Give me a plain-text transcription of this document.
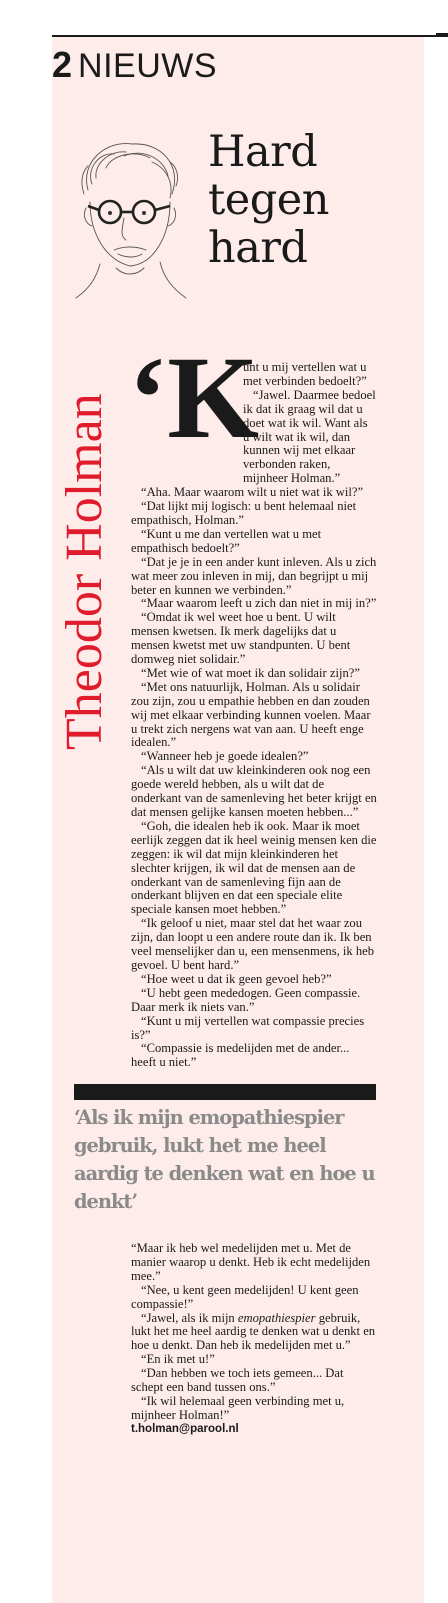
2 NIEUWS
Hard
tegen
hard
Theodor Holman ‘K

unt u mij vertellen wat u met verbinden bedoelt?”

“Jawel. Daarmee bedoel ik dat ik graag wil dat u doet wat ik wil. Want als u wilt wat ik wil, dan kunnen wij met elkaar verbonden raken, mijnheer Holman.”

“Aha. Maar waarom wilt u niet wat ik wil?”

“Dat lijkt mij logisch: u bent helemaal niet empathisch, Holman.”

“Kunt u me dan vertellen wat u met empathisch bedoelt?”

“Dat je je in een ander kunt inleven. Als u zich wat meer zou inleven in mij, dan begrijpt u mij beter en kunnen we verbinden.”

“Maar waarom leeft u zich dan niet in mij in?”

“Omdat ik wel weet hoe u bent. U wilt mensen kwetsen. Ik merk dagelijks dat u mensen kwetst met uw standpunten. U bent domweg niet solidair.”

“Met wie of wat moet ik dan solidair zijn?”

“Met ons natuurlijk, Holman. Als u solidair zou zijn, zou u empathie hebben en dan zouden wij met elkaar verbinding kunnen voelen. Maar u trekt zich nergens wat van aan. U heeft enge idealen.”

“Wanneer heb je goede idealen?”

“Als u wilt dat uw kleinkinderen ook nog een goede wereld hebben, als u wilt dat de onderkant van de samenleving het beter krijgt en dat mensen gelijke kansen moeten hebben...”

“Goh, die idealen heb ik ook. Maar ik moet eerlijk zeggen dat ik heel weinig mensen ken die zeggen: ik wil dat mijn kleinkinderen het slechter krijgen, ik wil dat de mensen aan de onderkant van de samenleving fijn aan de onderkant blijven en dat een speciale elite speciale kansen moet hebben.”

“Ik geloof u niet, maar stel dat het waar zou zijn, dan loopt u een andere route dan ik. Ik ben veel menselijker dan u, een mensenmens, ik heb gevoel. U bent hard.”

“Hoe weet u dat ik geen gevoel heb?”

“U hebt geen mededogen. Geen compassie. Daar merk ik niets van.”

“Kunt u mij vertellen wat compassie precies is?”

“Compassie is medelijden met de ander... heeft u niet.”

‘Als ik mijn emopathiespier gebruik, lukt het me heel aardig te denken wat en hoe u denkt’

“Maar ik heb wel medelijden met u. Met de manier waarop u denkt. Heb ik echt medelijden mee.”

“Nee, u kent geen medelijden! U kent geen compassie!”

“Jawel, als ik mijn emopathiespier gebruik, lukt het me heel aardig te denken wat u denkt en hoe u denkt. Dan heb ik medelijden met u.”

“En ik met u!”

“Dan hebben we toch iets gemeen... Dat schept een band tussen ons.”

“Ik wil helemaal geen verbinding met u, mijnheer Holman!”

t.holman@parool.nl
